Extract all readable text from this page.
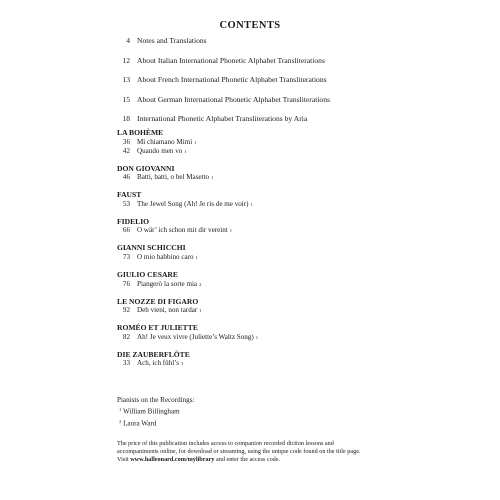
CONTENTS
4 Notes and Translations
12 About Italian International Phonetic Alphabet Transliterations
13 About French International Phonetic Alphabet Transliterations
15 About German International Phonetic Alphabet Transliterations
18 International Phonetic Alphabet Transliterations by Aria
LA BOHÈME
36 Mi chiamano Mimì 1
42 Quando men vo 1
DON GIOVANNI
46 Batti, batti, o bel Masetto 1
FAUST
53 The Jewel Song (Ah! Je ris de me voir) 1
FIDELIO
66 O wär’ ich schon mit dir vereint 1
GIANNI SCHICCHI
73 O mio babbino caro 1
GIULIO CESARE
76 Piangerò la sorte mia 2
LE NOZZE DI FIGARO
92 Deh vieni, non tardar 1
ROMÉO ET JULIETTE
82 Ah! Je veux vivre (Juliette’s Waltz Song) 1
DIE ZAUBERFLÖTE
33 Ach, ich fühl’s 1
Pianists on the Recordings:
$^1$ William Billingham
$^2$ Laura Ward
The price of this publication includes access to companion recorded diction lessons and
accompaniments online, for download or streaming, using the unique code found on the title page.
Visit www.halleonard.com/mylibrary and enter the access code.
